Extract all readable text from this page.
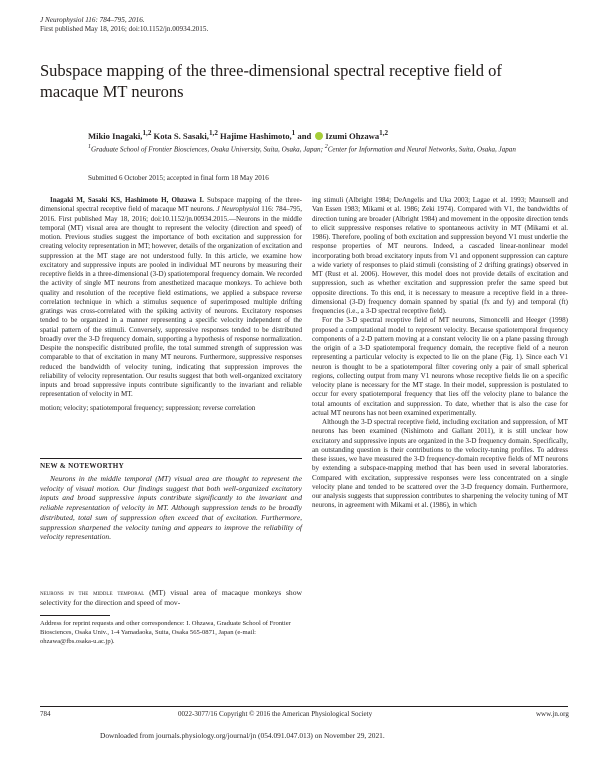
J Neurophysiol 116: 784–795, 2016.
First published May 18, 2016; doi:10.1152/jn.00934.2015.
Subspace mapping of the three-dimensional spectral receptive field of macaque MT neurons
Mikio Inagaki,$^{1,2}$ Kota S. Sasaki,$^{1,2}$ Hajime Hashimoto,$^1$ and Izumi Ohzawa$^{1,2}$
$^1$Graduate School of Frontier Biosciences, Osaka University, Suita, Osaka, Japan; $^2$Center for Information and Neural Networks, Suita, Osaka, Japan
Submitted 6 October 2015; accepted in final form 18 May 2016

Inagaki M, Sasaki KS, Hashimoto H, Ohzawa I. Subspace mapping of the three-dimensional spectral receptive field of macaque MT neurons. J Neurophysiol 116: 784–795, 2016. First published May 18, 2016; doi:10.1152/jn.00934.2015.—Neurons in the middle temporal (MT) visual area are thought to represent the velocity (direction and speed) of motion. Previous studies suggest the importance of both excitation and suppression for creating velocity representation in MT; however, details of the organization of excitation and suppression at the MT stage are not understood fully. In this article, we examine how excitatory and suppressive inputs are pooled in individual MT neurons by measuring their receptive fields in a three-dimensional (3-D) spatiotemporal frequency domain. We recorded the activity of single MT neurons from anesthetized macaque monkeys. To achieve both quality and resolution of the receptive field estimations, we applied a subspace reverse correlation technique in which a stimulus sequence of superimposed multiple drifting gratings was cross-correlated with the spiking activity of neurons. Excitatory responses tended to be organized in a manner representing a specific velocity independent of the spatial pattern of the stimuli. Conversely, suppressive responses tended to be distributed broadly over the 3-D frequency domain, supporting a hypothesis of response normalization. Despite the nonspecific distributed profile, the total summed strength of suppression was comparable to that of excitation in many MT neurons. Furthermore, suppressive responses reduced the bandwidth of velocity tuning, indicating that suppression improves the reliability of velocity representation. Our results suggest that both well-organized excitatory inputs and broad suppressive inputs contribute significantly to the invariant and reliable representation of velocity in MT.

motion; velocity; spatiotemporal frequency; suppression; reverse correlation
NEW & NOTEWORTHY
Neurons in the middle temporal (MT) visual area are thought to represent the velocity of visual motion. Our findings suggest that both well-organized excitatory inputs and broad suppressive inputs contribute significantly to the invariant and reliable representation of velocity in MT. Although suppression tends to be broadly distributed, total sum of suppression often exceed that of excitation. Furthermore, suppression sharpened the velocity tuning and appears to improve the reliability of velocity representation.
neurons in the middle temporal (MT) visual area of macaque monkeys show selectivity for the direction and speed of mov-
Address for reprint requests and other correspondence: I. Ohzawa, Graduate School of Frontier Biosciences, Osaka Univ., 1-4 Yamadaoka, Suita, Osaka 565-0871, Japan (e-mail: ohzawa@fbs.osaka-u.ac.jp).

ing stimuli (Albright 1984; DeAngelis and Uka 2003; Lagae et al. 1993; Maunsell and Van Essen 1983; Mikami et al. 1986; Zeki 1974). Compared with V1, the bandwidths of direction tuning are broader (Albright 1984) and movement in the opposite direction tends to elicit suppressive responses relative to spontaneous activity in MT (Mikami et al. 1986). Therefore, pooling of both excitation and suppression beyond V1 must underlie the response properties of MT neurons. Indeed, a cascaded linear-nonlinear model incorporating both broad excitatory inputs from V1 and opponent suppression can capture a wide variety of responses to plaid stimuli (consisting of 2 drifting gratings) observed in MT (Rust et al. 2006). However, this model does not provide details of excitation and suppression, such as whether excitation and suppression prefer the same speed but opposite directions. To this end, it is necessary to measure a receptive field in a three-dimensional (3-D) frequency domain spanned by spatial (fx and fy) and temporal (ft) frequencies (i.e., a 3-D spectral receptive field).

For the 3-D spectral receptive field of MT neurons, Simoncelli and Heeger (1998) proposed a computational model to represent velocity. Because spatiotemporal frequency components of a 2-D pattern moving at a constant velocity lie on a plane passing through the origin of a 3-D spatiotemporal frequency domain, the receptive field of a neuron representing a particular velocity is expected to lie on the plane (Fig. 1). Since each V1 neuron is thought to be a spatiotemporal filter covering only a pair of small spherical regions, collecting output from many V1 neurons whose receptive fields lie on a specific velocity plane is necessary for the MT stage. In their model, suppression is postulated to occur for every spatiotemporal frequency that lies off the velocity plane to balance the total amounts of excitation and suppression. To date, whether that is also the case for actual MT neurons has not been examined experimentally.

Although the 3-D spectral receptive field, including excitation and suppression, of MT neurons has been examined (Nishimoto and Gallant 2011), it is still unclear how excitatory and suppressive inputs are organized in the 3-D frequency domain. Specifically, an outstanding question is their contributions to the velocity-tuning profiles. To address these issues, we have measured the 3-D frequency-domain receptive fields of MT neurons by extending a subspace-mapping method that has been used in several laboratories. Compared with excitation, suppressive responses were less concentrated on a single velocity plane and tended to be scattered over the 3-D frequency domain. Furthermore, our analysis suggests that suppression contributes to sharpening the velocity tuning of MT neurons, in agreement with Mikami et al. (1986), in which

784	0022-3077/16 Copyright © 2016 the American Physiological Society	www.jn.org
Downloaded from journals.physiology.org/journal/jn (054.091.047.013) on November 29, 2021.
